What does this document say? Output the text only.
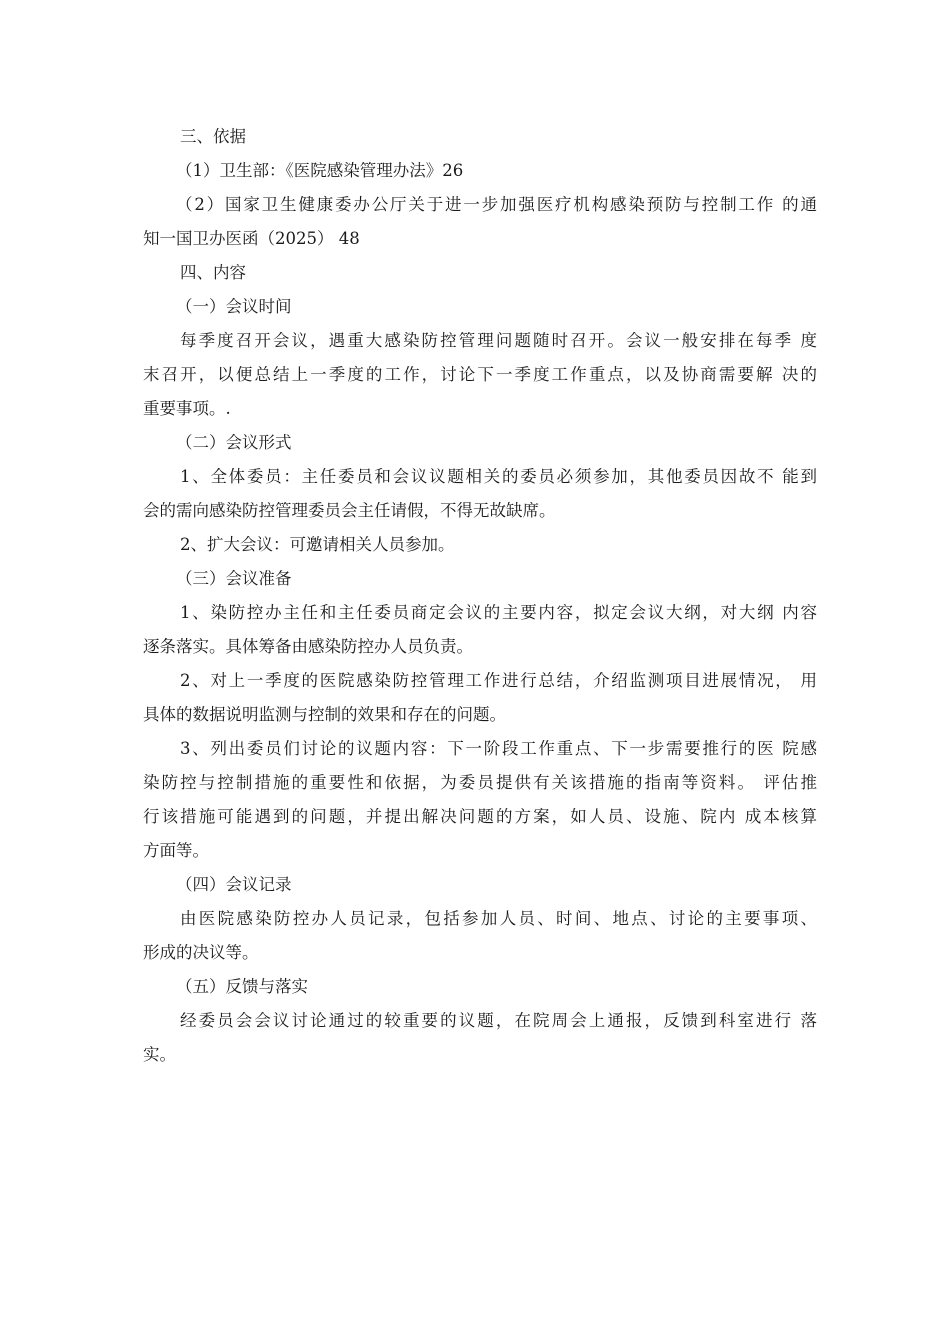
三、依据

（1）卫生部：《医院感染管理办法》26

（2）国家卫生健康委办公厅关于进一步加强医疗机构感染预防与控制工作 的通

知一国卫办医函（2025） 48

四、内容

（一）会议时间

每季度召开会议，遇重大感染防控管理问题随时召开。会议一般安排在每季 度

末召开，以便总结上一季度的工作，讨论下一季度工作重点，以及协商需要解 决的

重要事项。.

（二）会议形式

1、全体委员：主任委员和会议议题相关的委员必须参加，其他委员因故不 能到

会的需向感染防控管理委员会主任请假，不得无故缺席。

2、扩大会议：可邀请相关人员参加。

（三）会议准备

1、染防控办主任和主任委员商定会议的主要内容，拟定会议大纲，对大纲 内容

逐条落实。具体筹备由感染防控办人员负责。

2、对上一季度的医院感染防控管理工作进行总结，介绍监测项目进展情况， 用

具体的数据说明监测与控制的效果和存在的问题。

3、列出委员们讨论的议题内容：下一阶段工作重点、下一步需要推行的医 院感

染防控与控制措施的重要性和依据，为委员提供有关该措施的指南等资料。 评估推

行该措施可能遇到的问题，并提出解决问题的方案，如人员、设施、院内 成本核算

方面等。

（四）会议记录

由医院感染防控办人员记录，包括参加人员、时间、地点、讨论的主要事项、

形成的决议等。

（五）反馈与落实

经委员会会议讨论通过的较重要的议题，在院周会上通报，反馈到科室进行 落

实。
